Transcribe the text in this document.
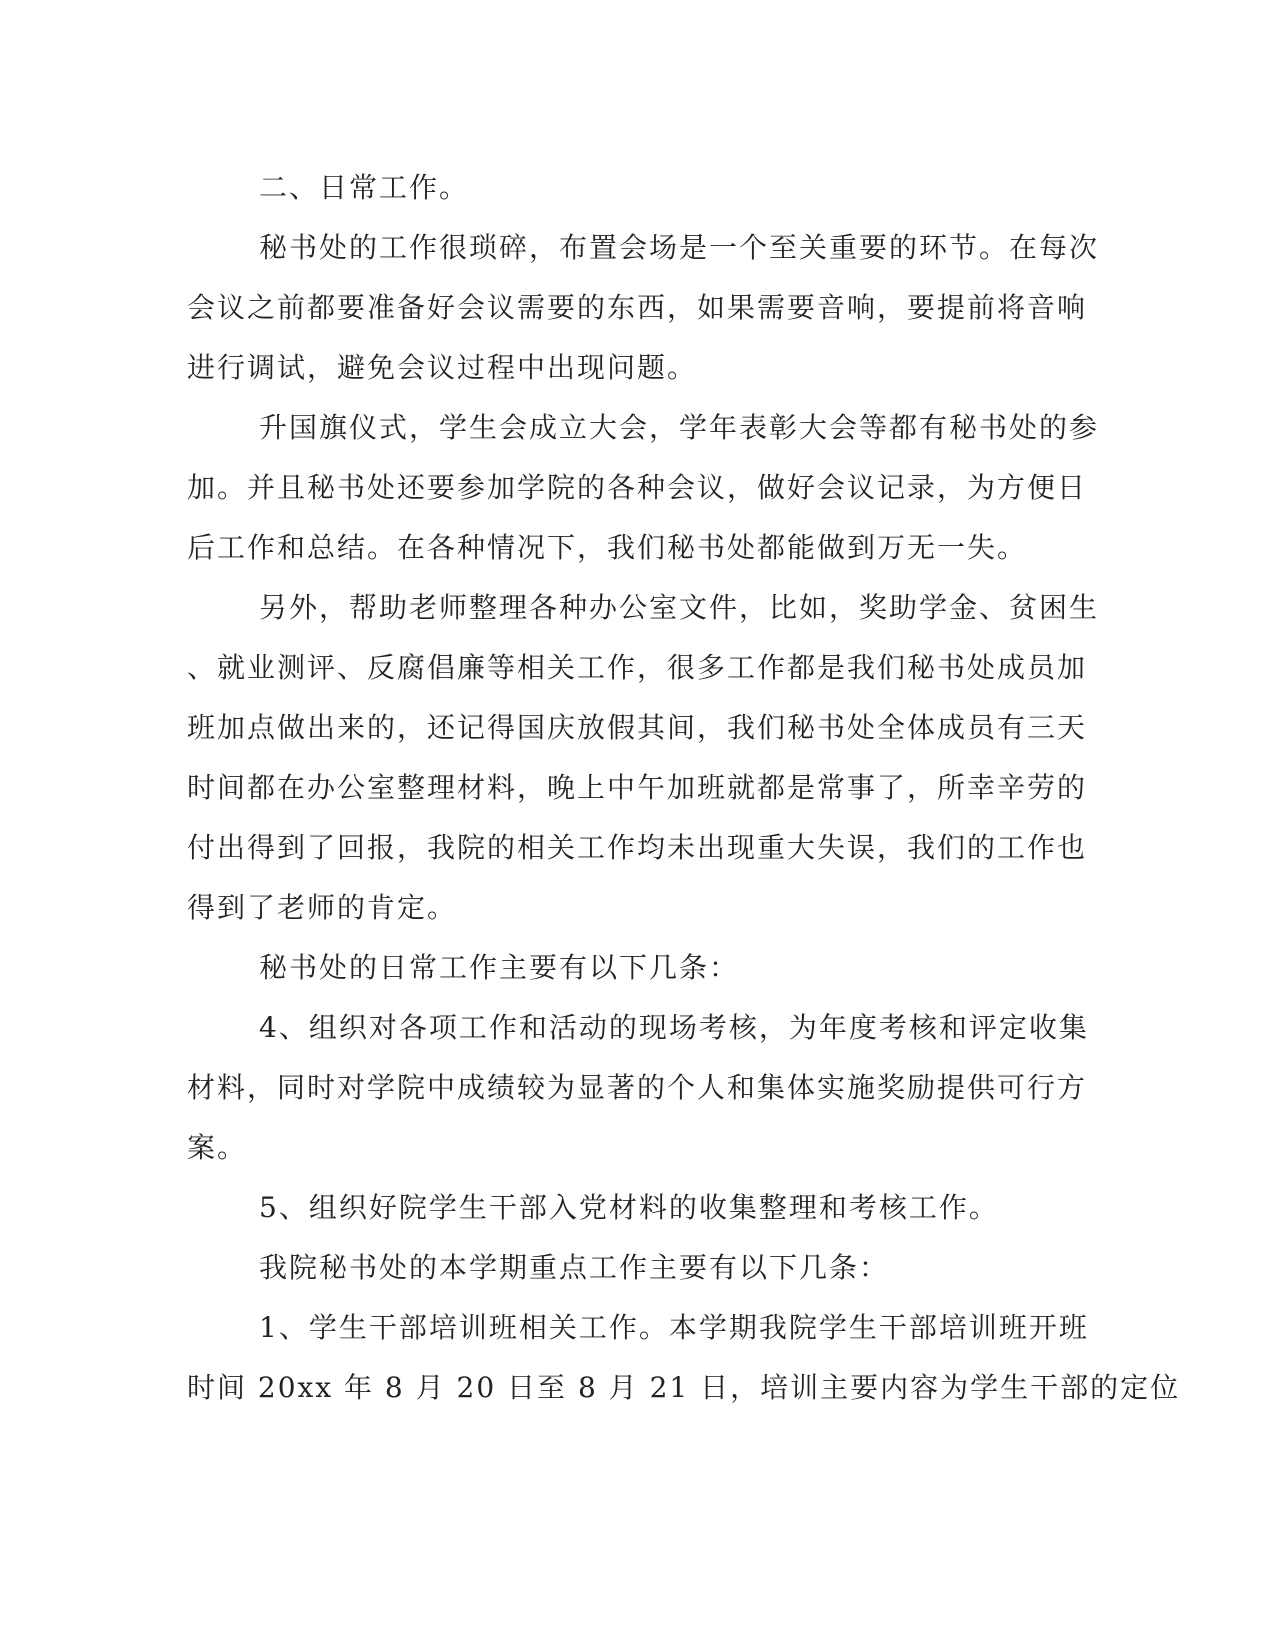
二、日常工作。
秘书处的工作很琐碎，布置会场是一个至关重要的环节。在每次
会议之前都要准备好会议需要的东西，如果需要音响，要提前将音响
进行调试，避免会议过程中出现问题。
升国旗仪式，学生会成立大会，学年表彰大会等都有秘书处的参
加。并且秘书处还要参加学院的各种会议，做好会议记录，为方便日
后工作和总结。在各种情况下，我们秘书处都能做到万无一失。
另外，帮助老师整理各种办公室文件，比如，奖助学金、贫困生
、就业测评、反腐倡廉等相关工作，很多工作都是我们秘书处成员加
班加点做出来的，还记得国庆放假其间，我们秘书处全体成员有三天
时间都在办公室整理材料，晚上中午加班就都是常事了，所幸辛劳的
付出得到了回报，我院的相关工作均未出现重大失误，我们的工作也
得到了老师的肯定。
秘书处的日常工作主要有以下几条：
4、组织对各项工作和活动的现场考核，为年度考核和评定收集
材料，同时对学院中成绩较为显著的个人和集体实施奖励提供可行方
案。
5、组织好院学生干部入党材料的收集整理和考核工作。
我院秘书处的本学期重点工作主要有以下几条：
1、学生干部培训班相关工作。本学期我院学生干部培训班开班
时间 20xx 年 8 月 20 日至 8 月 21 日，培训主要内容为学生干部的定位
